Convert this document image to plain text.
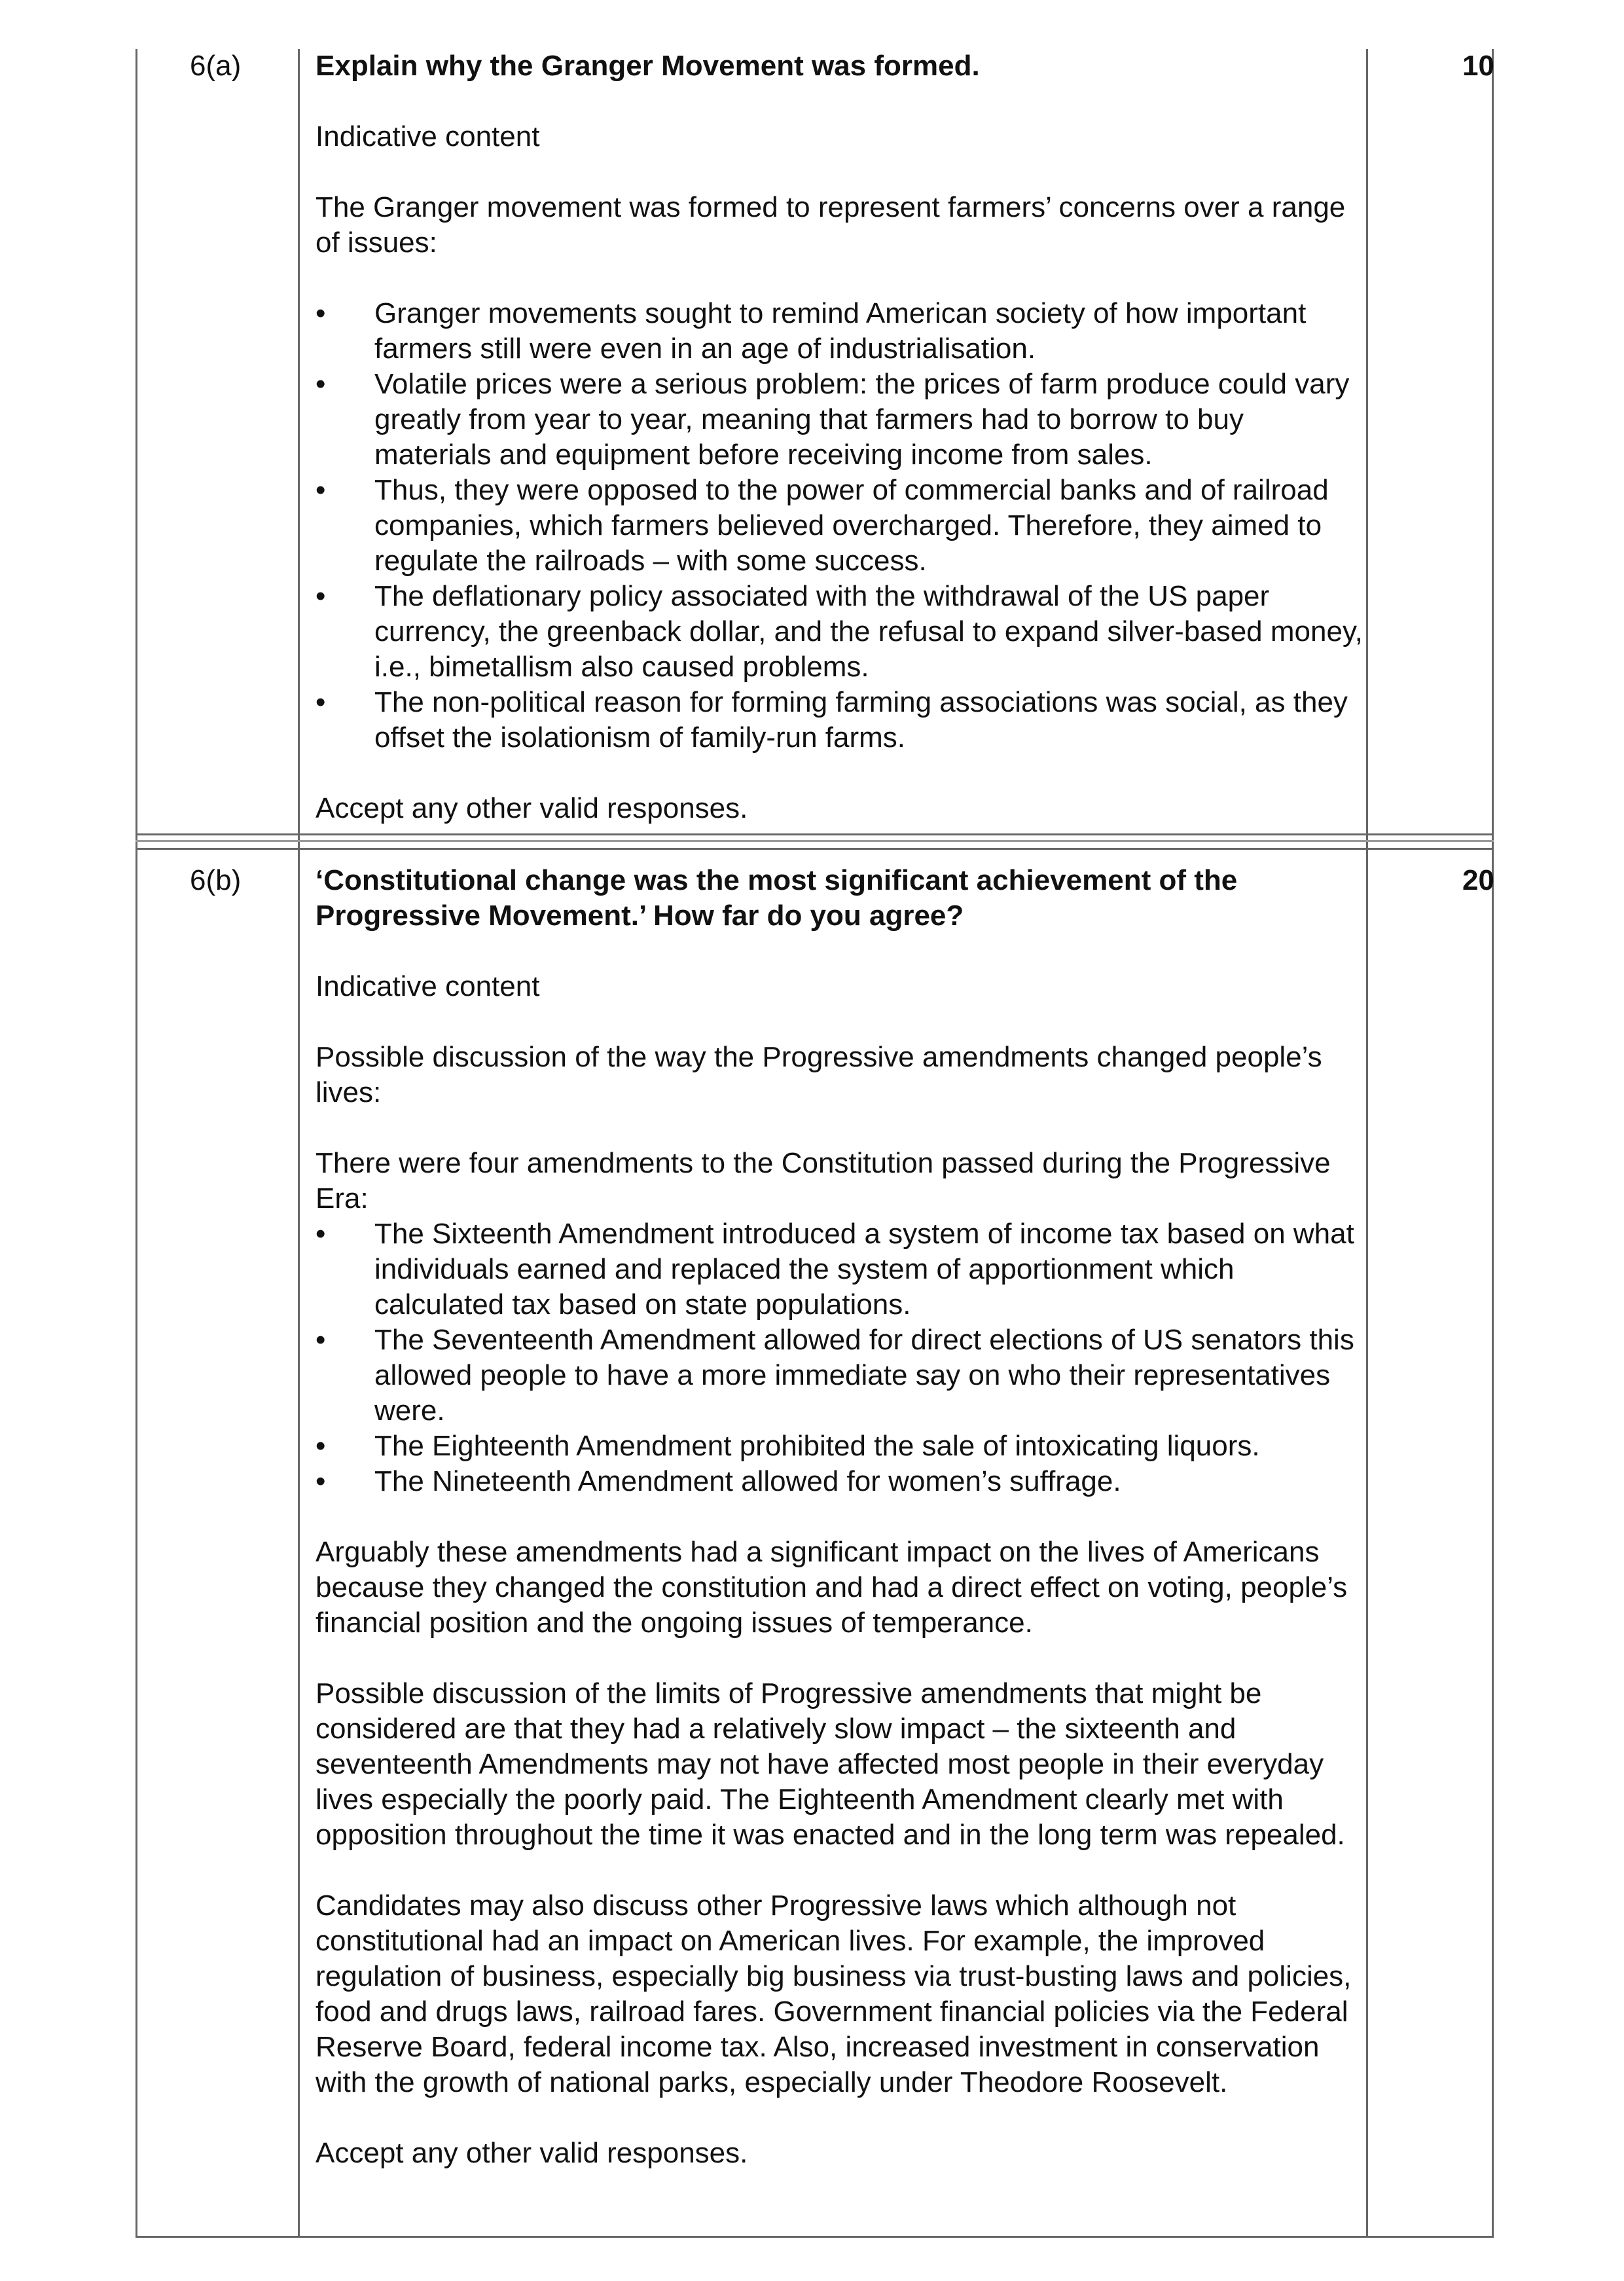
6(a)	10

Explain why the Granger Movement was formed.

Indicative content

The Granger movement was formed to represent farmers’ concerns over a range of issues:

• Granger movements sought to remind American society of how important farmers still were even in an age of industrialisation.
• Volatile prices were a serious problem: the prices of farm produce could vary greatly from year to year, meaning that farmers had to borrow to buy materials and equipment before receiving income from sales.
• Thus, they were opposed to the power of commercial banks and of railroad companies, which farmers believed overcharged. Therefore, they aimed to regulate the railroads – with some success.
• The deflationary policy associated with the withdrawal of the US paper currency, the greenback dollar, and the refusal to expand silver-based money, i.e., bimetallism also caused problems.
• The non-political reason for forming farming associations was social, as they offset the isolationism of family-run farms.

Accept any other valid responses.

6(b)	20

‘Constitutional change was the most significant achievement of the Progressive Movement.’ How far do you agree?

Indicative content

Possible discussion of the way the Progressive amendments changed people’s lives:

There were four amendments to the Constitution passed during the Progressive Era:

• The Sixteenth Amendment introduced a system of income tax based on what individuals earned and replaced the system of apportionment which calculated tax based on state populations.
• The Seventeenth Amendment allowed for direct elections of US senators this allowed people to have a more immediate say on who their representatives were.
• The Eighteenth Amendment prohibited the sale of intoxicating liquors.
• The Nineteenth Amendment allowed for women’s suffrage.

Arguably these amendments had a significant impact on the lives of Americans because they changed the constitution and had a direct effect on voting, people’s financial position and the ongoing issues of temperance.

Possible discussion of the limits of Progressive amendments that might be considered are that they had a relatively slow impact – the sixteenth and seventeenth Amendments may not have affected most people in their everyday lives especially the poorly paid. The Eighteenth Amendment clearly met with opposition throughout the time it was enacted and in the long term was repealed.

Candidates may also discuss other Progressive laws which although not constitutional had an impact on American lives. For example, the improved regulation of business, especially big business via trust-busting laws and policies, food and drugs laws, railroad fares. Government financial policies via the Federal Reserve Board, federal income tax. Also, increased investment in conservation with the growth of national parks, especially under Theodore Roosevelt.

Accept any other valid responses.
